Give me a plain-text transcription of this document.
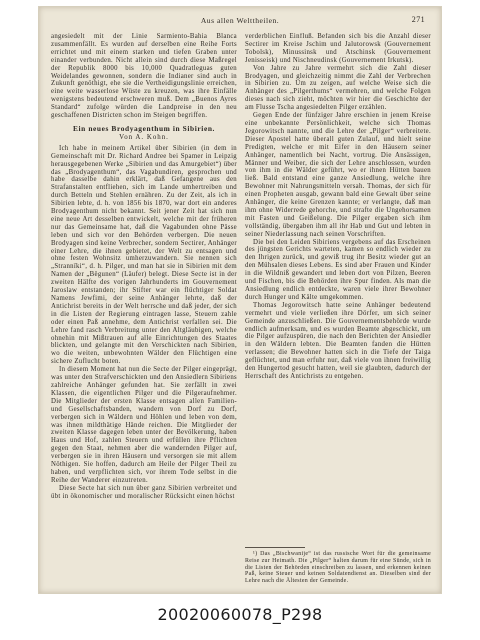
Aus allen Welttheilen.	271

angesiedelt mit der Linie Sarmiento-Bahia Blanca zusammenfällt. Es wurden auf derselben eine Reihe Forts errichtet und mit einem starken und tiefen Graben unter einander verbunden. Nicht allein sind durch diese Maßregel der Republik 8000 bis 10,000 Quadratleguas guten Weidelandes gewonnen, sondern die Indianer sind auch in Zukunft genöthigt, ehe sie die Vertheidigungslinie erreichen, eine weite wasserlose Wüste zu kreuzen, was ihre Einfälle wenigstens bedeutend erschweren muß. Dem „Buenos Ayres Standard“ zufolge würden die Landpreise in den neu geschaffenen Districten schon im Steigen begriffen.

Ein neues Brodyagenthum in Sibirien.
Von A. Kohn.

Ich habe in meinem Artikel über Sibirien (in dem in Gemeinschaft mit Dr. Richard Andree bei Spamer in Leipzig herausgegebenen Werke „Sibirien und das Amurgebiet“) über das „Brodyagenthum“, das Vagabundiren, gesprochen und habe dasselbe dahin erklärt, daß Gefangene aus den Strafanstalten entfliehen, sich im Lande umhertreiben und durch Betteln und Stehlen ernähren. Zu der Zeit, als ich in Sibirien lebte, d. h. von 1856 bis 1870, war dort ein anderes Brodyagenthum nicht bekannt. Seit jener Zeit hat sich nun eine neue Art desselben entwickelt, welche mit der früheren nur das Gemeinsame hat, daß die Vagabunden ohne Pässe leben und sich vor den Behörden verbergen. Die neuen Brodyagen sind keine Verbrecher, sondern Sectirer, Anhänger einer Lehre, die ihnen gebietet, der Welt zu entsagen und ohne festen Wohnsitz umherzuwandern. Sie nennen sich „Strannïki“, d. h. Pilger, und man hat sie in Sibirien mit dem Namen der „Bëgunen“ (Läufer) belegt. Diese Secte ist in der zweiten Hälfte des vorigen Jahrhunderts im Gouvernement Jaroslaw entstanden; ihr Stifter war ein flüchtiger Soldat Namens Jewfimi, der seine Anhänger lehrte, daß der Antichrist bereits in der Welt herrsche und daß jeder, der sich in die Listen der Regierung eintragen lasse, Steuern zahle oder einen Paß annehme, dem Antichrist verfallen sei. Die Lehre fand rasch Verbreitung unter den Altgläubigen, welche ohnehin mit Mißtrauen auf alle Einrichtungen des Staates blickten, und gelangte mit den Verschickten nach Sibirien, wo die weiten, unbewohnten Wälder den Flüchtigen eine sichere Zuflucht boten.

In diesem Moment hat nun die Secte der Pilger eingeprägt, was unter den Strafverschickten und den Ansiedlern Sibiriens zahlreiche Anhänger gefunden hat. Sie zerfällt in zwei Klassen, die eigentlichen Pilger und die Pilgeraufnehmer. Die Mitglieder der ersten Klasse entsagen allen Familien- und Gesellschaftsbanden, wandern von Dorf zu Dorf, verbergen sich in Wäldern und Höhlen und leben von dem, was ihnen mildthätige Hände reichen. Die Mitglieder der zweiten Klasse dagegen leben unter der Bevölkerung, haben Haus und Hof, zahlen Steuern und erfüllen ihre Pflichten gegen den Staat, nehmen aber die wandernden Pilger auf, verbergen sie in ihren Häusern und versorgen sie mit allem Nöthigen. Sie hoffen, dadurch am Heile der Pilger Theil zu haben, und verpflichten sich, vor ihrem Tode selbst in die Reihe der Wanderer einzutreten.

Diese Secte hat sich nun über ganz Sibirien verbreitet und übt in ökonomischer und moralischer Rücksicht einen höchst

verderblichen Einfluß. Befanden sich bis die Anzahl dieser Sectirer im Kreise Jschim und Jalutorowsk (Gouvernement Tobolsk), Minussinsk und Atschinsk (Gouvernement Jenisseisk) und Nischneudinsk (Gouvernement Irkutsk).

Von Jahre zu Jahre vermehrt sich die Zahl dieser Brodyagen, und gleichzeitig nimmt die Zahl der Verbrechen in Sibirien zu. Um zu zeigen, auf welche Weise sich die Anhänger des „Pilgerthums“ vermehren, und welche Folgen dieses nach sich zieht, möchten wir hier die Geschichte der am Flusse Tscha angesiedelten Pilger erzählen.

Gegen Ende der fünfziger Jahre erschien in jenem Kreise eine unbekannte Persönlichkeit, welche sich Thomas Jegorowitsch nannte, und die Lehre der „Pilger“ verbreitete. Dieser Apostel hatte überall guten Zulauf, und hielt seine Predigten, welche er mit Eifer in den Häusern seiner Anhänger, namentlich bei Nacht, vortrug. Die Ansässigen, Männer und Weiber, die sich der Lehre anschlossen, wurden von ihm in die Wälder geführt, wo er ihnen Hütten bauen ließ. Bald entstand eine ganze Ansiedlung, welche ihre Bewohner mit Nahrungsmitteln versah. Thomas, der sich für einen Propheten ausgab, gewann bald eine Gewalt über seine Anhänger, die keine Grenzen kannte; er verlangte, daß man ihm ohne Widerrede gehorche, und strafte die Ungehorsamen mit Fasten und Geißelung. Die Pilger ergaben sich ihm vollständig, übergaben ihm all ihr Hab und Gut und lebten in seiner Niederlassung nach seinen Vorschriften.

Die bei den Leiden Sibiriens vergebens auf das Erscheinen des jüngsten Gerichts warteten, kamen so endlich wieder zu den Ihrigen zurück, und gewiß trug ihr Besitz wieder gut an den Mühsalen dieses Lebens. Es sind aber Frauen und Kinder in die Wildniß gewandert und leben dort von Pilzen, Beeren und Fischen, bis die Behörden ihre Spur finden. Als man die Ansiedlung endlich entdeckte, waren viele ihrer Bewohner durch Hunger und Kälte umgekommen.

Thomas Jegorowitsch hatte seine Anhänger bedeutend vermehrt und viele verließen ihre Dörfer, um sich seiner Gemeinde anzuschließen. Die Gouvernementsbehörde wurde endlich aufmerksam, und es wurden Beamte abgeschickt, um die Pilger aufzuspüren, die nach den Berichten der Ansiedler in den Wäldern lebten. Die Beamten fanden die Hütten verlassen; die Bewohner hatten sich in die Tiefe der Taiga geflüchtet, und man erfuhr nur, daß viele von ihnen freiwillig den Hungertod gesucht hatten, weil sie glaubten, dadurch der Herrschaft des Antichrists zu entgehen.

¹) Das „Bischwanije“ ist das russische Wort für die gemeinsame Reise zur Heimath. Die „Pilger“ halten darum für eine Sünde, sich in die Listen der Behörden einschreiben zu lassen, und erkennen keinen Paß, keine Steuer und keinen Soldatendienst an. Dieselben sind der Lehre nach die Ältesten der Gemeinde.

20020060078_P298
